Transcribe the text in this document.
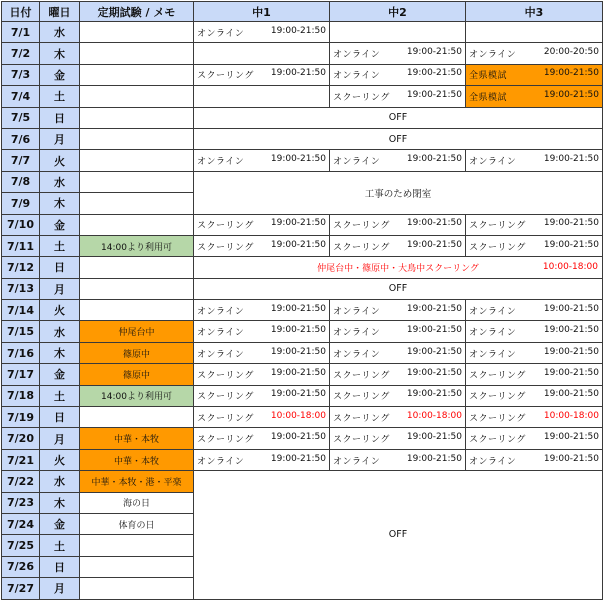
日付	曜日	定期試験 / メモ	中1	中2	中3
7/1	水		オンライン 19:00-21:50		

7/2	木			オンライン 19:00-21:50	オンライン 20:00-20:50

7/3	金		スクーリング 19:00-21:50	オンライン 19:00-21:50	全県模試 19:00-21:50

7/4	土			スクーリング 19:00-21:50	全県模試 19:00-21:50

7/5	日		OFF		
7/6	月		OFF		
7/7	火		オンライン 19:00-21:50	オンライン 19:00-21:50	オンライン 19:00-21:50

7/8	水		工事のため閉室		
7/9	木				
7/10	金		スクーリング 19:00-21:50	スクーリング 19:00-21:50	スクーリング 19:00-21:50

7/11	土	14:00より利用可	スクーリング 19:00-21:50	スクーリング 19:00-21:50	スクーリング 19:00-21:50

7/12	日		仲尾台中・篠原中・大鳥中スクーリング 10:00-18:00		

7/13	月		OFF		
7/14	火		オンライン 19:00-21:50	オンライン 19:00-21:50	オンライン 19:00-21:50

7/15	水	仲尾台中	オンライン 19:00-21:50	オンライン 19:00-21:50	オンライン 19:00-21:50

7/16	木	篠原中	オンライン 19:00-21:50	オンライン 19:00-21:50	オンライン 19:00-21:50

7/17	金	篠原中	スクーリング 19:00-21:50	スクーリング 19:00-21:50	スクーリング 19:00-21:50

7/18	土	14:00より利用可	スクーリング 19:00-21:50	スクーリング 19:00-21:50	スクーリング 19:00-21:50

7/19	日		スクーリング 10:00-18:00	スクーリング 10:00-18:00	スクーリング 10:00-18:00

7/20	月	中華・本牧	スクーリング 19:00-21:50	スクーリング 19:00-21:50	スクーリング 19:00-21:50

7/21	火	中華・本牧	オンライン 19:00-21:50	オンライン 19:00-21:50	オンライン 19:00-21:50

7/22	水	中華・本牧・港・平楽	OFF		
7/23	木	海の日			
7/24	金	体育の日			
7/25	土				
7/26	日				
7/27	月				
